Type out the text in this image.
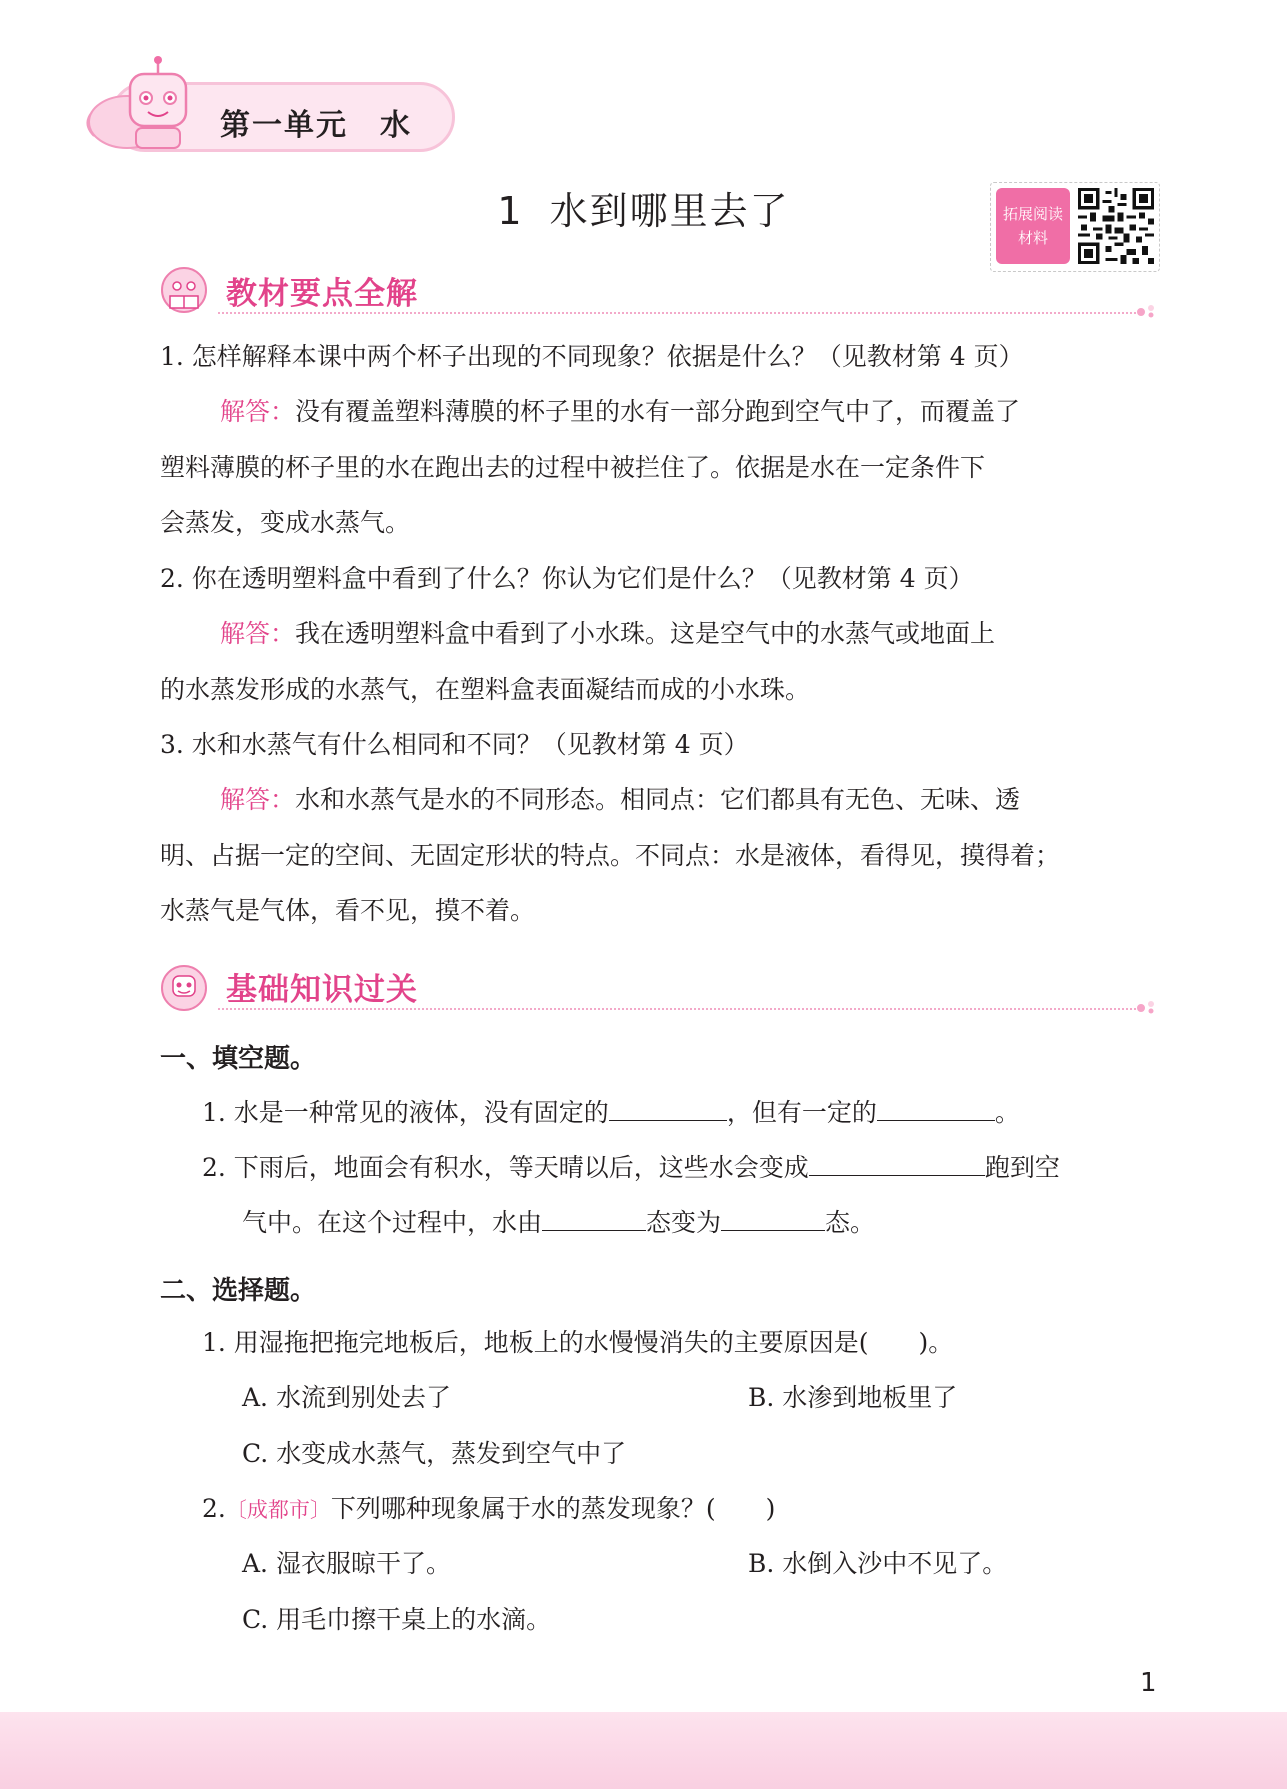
第一单元　水
1 水到哪里去了	拓展阅读
材料
教材要点全解
1. 怎样解释本课中两个杯子出现的不同现象？依据是什么？（见教材第 4 页）
解答：没有覆盖塑料薄膜的杯子里的水有一部分跑到空气中了，而覆盖了
塑料薄膜的杯子里的水在跑出去的过程中被拦住了。依据是水在一定条件下
会蒸发，变成水蒸气。
2. 你在透明塑料盒中看到了什么？你认为它们是什么？（见教材第 4 页）
解答：我在透明塑料盒中看到了小水珠。这是空气中的水蒸气或地面上
的水蒸发形成的水蒸气，在塑料盒表面凝结而成的小水珠。
3. 水和水蒸气有什么相同和不同？（见教材第 4 页）
解答：水和水蒸气是水的不同形态。相同点：它们都具有无色、无味、透
明、占据一定的空间、无固定形状的特点。不同点：水是液体，看得见，摸得着；
水蒸气是气体，看不见，摸不着。
基础知识过关
一、填空题。
1. 水是一种常见的液体，没有固定的	，但有一定的	。
2. 下雨后，地面会有积水，等天晴以后，这些水会变成	跑到空
气中。在这个过程中，水由	态变为	态。
二、选择题。
1. 用湿拖把拖完地板后，地板上的水慢慢消失的主要原因是(　　)。
A. 水流到别处去了	B. 水渗到地板里了
C. 水变成水蒸气，蒸发到空气中了
2.〔成都市〕下列哪种现象属于水的蒸发现象？(　　)
A. 湿衣服晾干了。	B. 水倒入沙中不见了。
C. 用毛巾擦干桌上的水滴。
1
